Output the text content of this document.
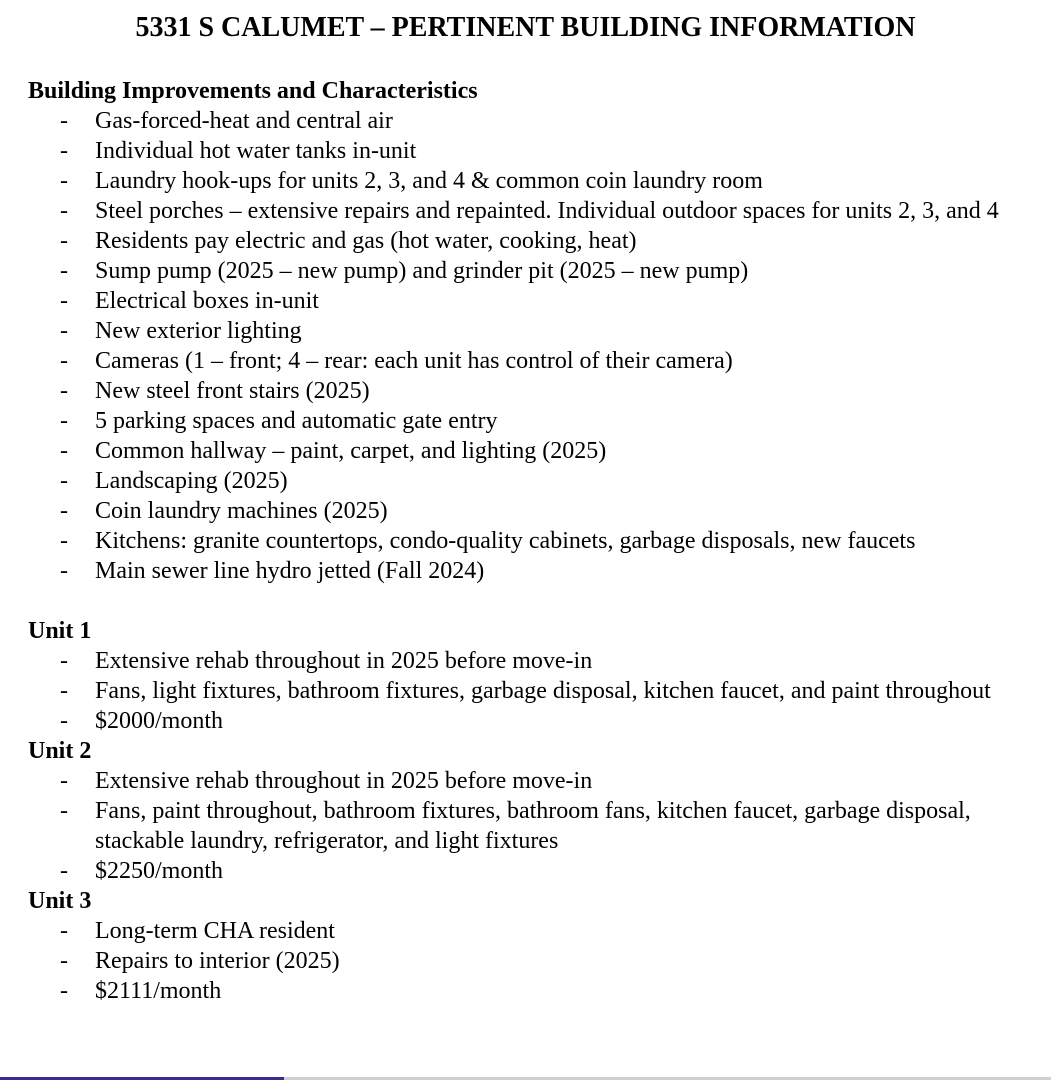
5331 S CALUMET – PERTINENT BUILDING INFORMATION
Building Improvements and Characteristics
- Gas-forced-heat and central air
- Individual hot water tanks in-unit
- Laundry hook-ups for units 2, 3, and 4 & common coin laundry room
- Steel porches – extensive repairs and repainted. Individual outdoor spaces for units 2, 3, and 4
- Residents pay electric and gas (hot water, cooking, heat)
- Sump pump (2025 – new pump) and grinder pit (2025 – new pump)
- Electrical boxes in-unit
- New exterior lighting
- Cameras (1 – front; 4 – rear: each unit has control of their camera)
- New steel front stairs (2025)
- 5 parking spaces and automatic gate entry
- Common hallway – paint, carpet, and lighting (2025)
- Landscaping (2025)
- Coin laundry machines (2025)
- Kitchens: granite countertops, condo-quality cabinets, garbage disposals, new faucets
- Main sewer line hydro jetted (Fall 2024)
Unit 1
- Extensive rehab throughout in 2025 before move-in
- Fans, light fixtures, bathroom fixtures, garbage disposal, kitchen faucet, and paint throughout
- $2000/month
Unit 2
- Extensive rehab throughout in 2025 before move-in
- Fans, paint throughout, bathroom fixtures, bathroom fans, kitchen faucet, garbage disposal, stackable laundry, refrigerator, and light fixtures
- $2250/month
Unit 3
- Long-term CHA resident
- Repairs to interior (2025)
- $2111/month
